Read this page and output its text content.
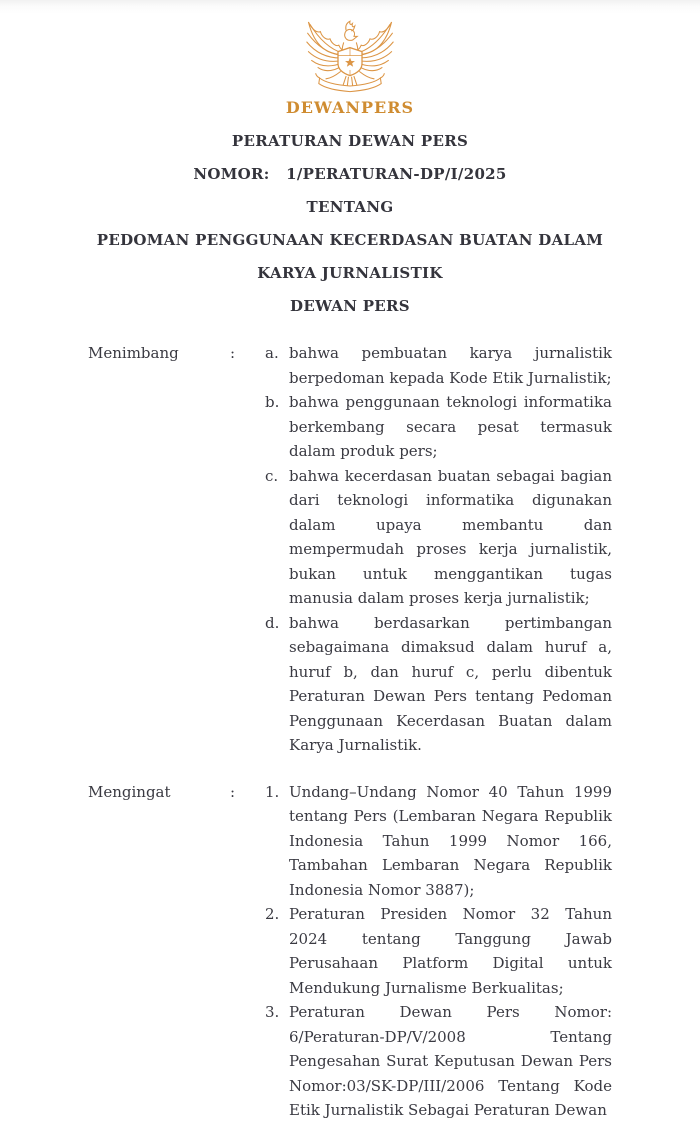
DEWANPERS
PERATURAN DEWAN PERS
NOMOR:   1/PERATURAN-DP/I/2025
TENTANG
PEDOMAN PENGGUNAAN KECERDASAN BUATAN DALAM
KARYA JURNALISTIK
DEWAN PERS
Menimbang	:	a. bahwa pembuatan karya jurnalistik berpedoman kepada Kode Etik Jurnalistik;
b. bahwa penggunaan teknologi informatika berkembang secara pesat termasuk dalam produk pers;
c. bahwa kecerdasan buatan sebagai bagian dari teknologi informatika digunakan dalam upaya membantu dan mempermudah proses kerja jurnalistik, bukan untuk menggantikan tugas manusia dalam proses kerja jurnalistik;
d. bahwa berdasarkan pertimbangan sebagaimana dimaksud dalam huruf a, huruf b, dan huruf c, perlu dibentuk Peraturan Dewan Pers tentang Pedoman Penggunaan Kecerdasan Buatan dalam Karya Jurnalistik.
Mengingat	:	1. Undang–Undang Nomor 40 Tahun 1999 tentang Pers (Lembaran Negara Republik Indonesia Tahun 1999 Nomor 166, Tambahan Lembaran Negara Republik Indonesia Nomor 3887);
2. Peraturan Presiden Nomor 32 Tahun 2024 tentang Tanggung Jawab Perusahaan Platform Digital untuk Mendukung Jurnalisme Berkualitas;
3. Peraturan Dewan Pers Nomor: 6/Peraturan-DP/V/2008 Tentang Pengesahan Surat Keputusan Dewan Pers Nomor:03/SK-DP/III/2006 Tentang Kode Etik Jurnalistik Sebagai Peraturan Dewan
